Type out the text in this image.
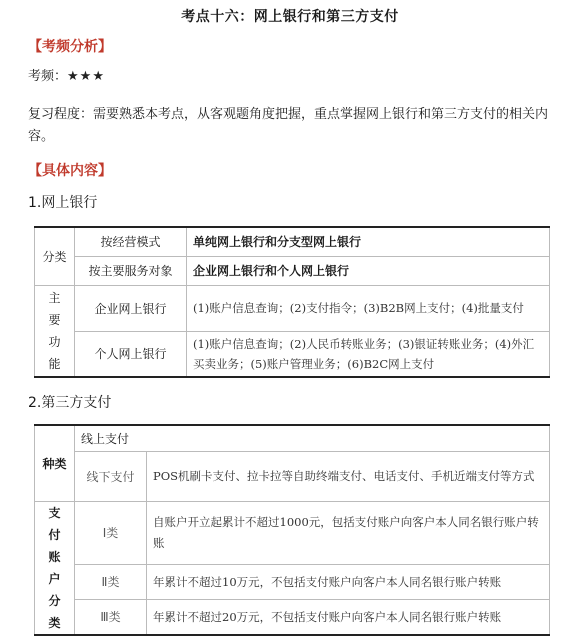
考点十六：网上银行和第三方支付
【考频分析】
考频：★★★
复习程度：需要熟悉本考点，从客观题角度把握，重点掌握网上银行和第三方支付的相关内容。
【具体内容】
1.网上银行
分类	按经营模式	单纯网上银行和分支型网上银行
	按主要服务对象	企业网上银行和个人网上银行
主要功能	企业网上银行	(1)账户信息查询；(2)支付指令；(3)B2B网上支付；(4)批量支付
	个人网上银行	(1)账户信息查询；(2)人民币转账业务；(3)银证转账业务；(4)外汇买卖业务；(5)账户管理业务；(6)B2C网上支付
2.第三方支付
种类	线上支付	
	线下支付	POS机刷卡支付、拉卡拉等自助终端支付、电话支付、手机近端支付等方式
支付账户分类	Ⅰ类	自账户开立起累计不超过1000元，包括支付账户向客户本人同名银行账户转账
	Ⅱ类	年累计不超过10万元，不包括支付账户向客户本人同名银行账户转账
	Ⅲ类	年累计不超过20万元，不包括支付账户向客户本人同名银行账户转账
